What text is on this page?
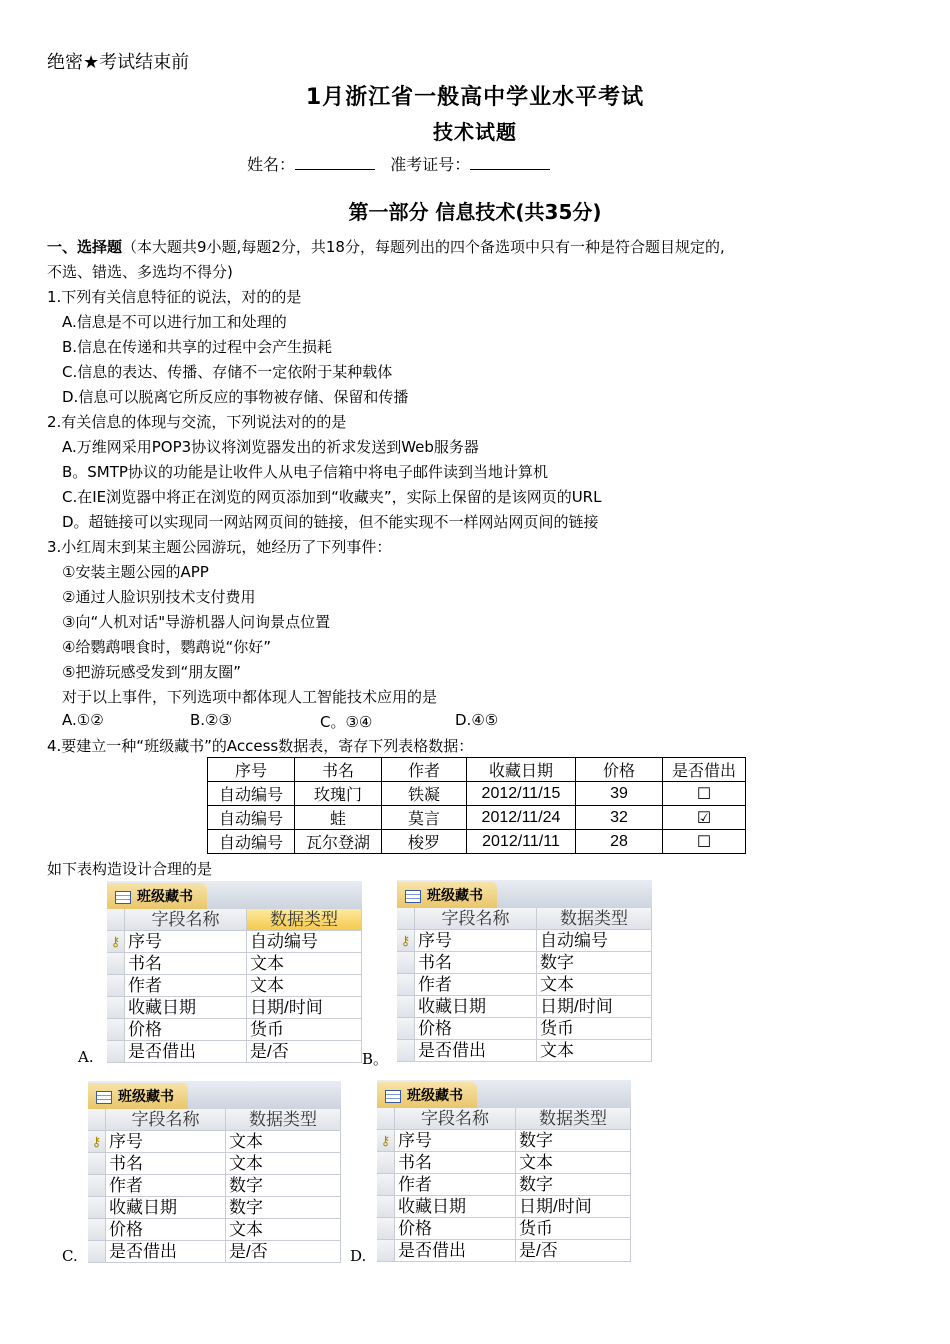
绝密★考试结束前
1月浙江省一般高中学业水平考试
技术试题
姓名：	准考证号：
第一部分 信息技术(共35分)
一、选择题（本大题共9小题,每题2分，共18分，每题列出的四个备选项中只有一种是符合题目规定的,
不选、错选、多选均不得分)
1.下列有关信息特征的说法，对的的是
A.信息是不可以进行加工和处理的
B.信息在传递和共享的过程中会产生损耗
C.信息的表达、传播、存储不一定依附于某种载体
D.信息可以脱离它所反应的事物被存储、保留和传播
2.有关信息的体现与交流，下列说法对的的是
A.万维网采用POP3协议将浏览器发出的祈求发送到Web服务器
B。SMTP协议的功能是让收件人从电子信箱中将电子邮件读到当地计算机
C.在IE浏览器中将正在浏览的网页添加到“收藏夹”，实际上保留的是该网页的URL
D。超链接可以实现同一网站网页间的链接，但不能实现不一样网站网页间的链接
3.小红周末到某主题公园游玩，她经历了下列事件：
①安装主题公园的APP
②通过人脸识别技术支付费用
③向“人机对话"导游机器人问询景点位置
④给鹦鹉喂食时，鹦鹉说“你好”
⑤把游玩感受发到“朋友圈”
对于以上事件，下列选项中都体现人工智能技术应用的是
A.①②	B.②③	C。③④	D.④⑤
4.要建立一种“班级藏书”的Access数据表，寄存下列表格数据：
序号	书名	作者	收藏日期	价格	是否借出
自动编号	玫瑰门	铁凝	2012/11/15	39	☐
自动编号	蛙	莫言	2012/11/24	32	☑
自动编号	瓦尔登湖	梭罗	2012/11/11	28	☐
如下表构造设计合理的是
班级藏书
字段名称	数据类型
⚷ 序号	自动编号
书名	文本
作者	文本
收藏日期	日期/时间
价格	货币
是否借出	是/否
A.
班级藏书
字段名称	数据类型
⚷ 序号	自动编号
书名	数字
作者	文本
收藏日期	日期/时间
价格	货币
是否借出	文本
B。
班级藏书
字段名称	数据类型
⚷ 序号	文本
书名	文本
作者	数字
收藏日期	数字
价格	文本
是否借出	是/否
C.
班级藏书
字段名称	数据类型
⚷ 序号	数字
书名	文本
作者	数字
收藏日期	日期/时间
价格	货币
是否借出	是/否
D.
